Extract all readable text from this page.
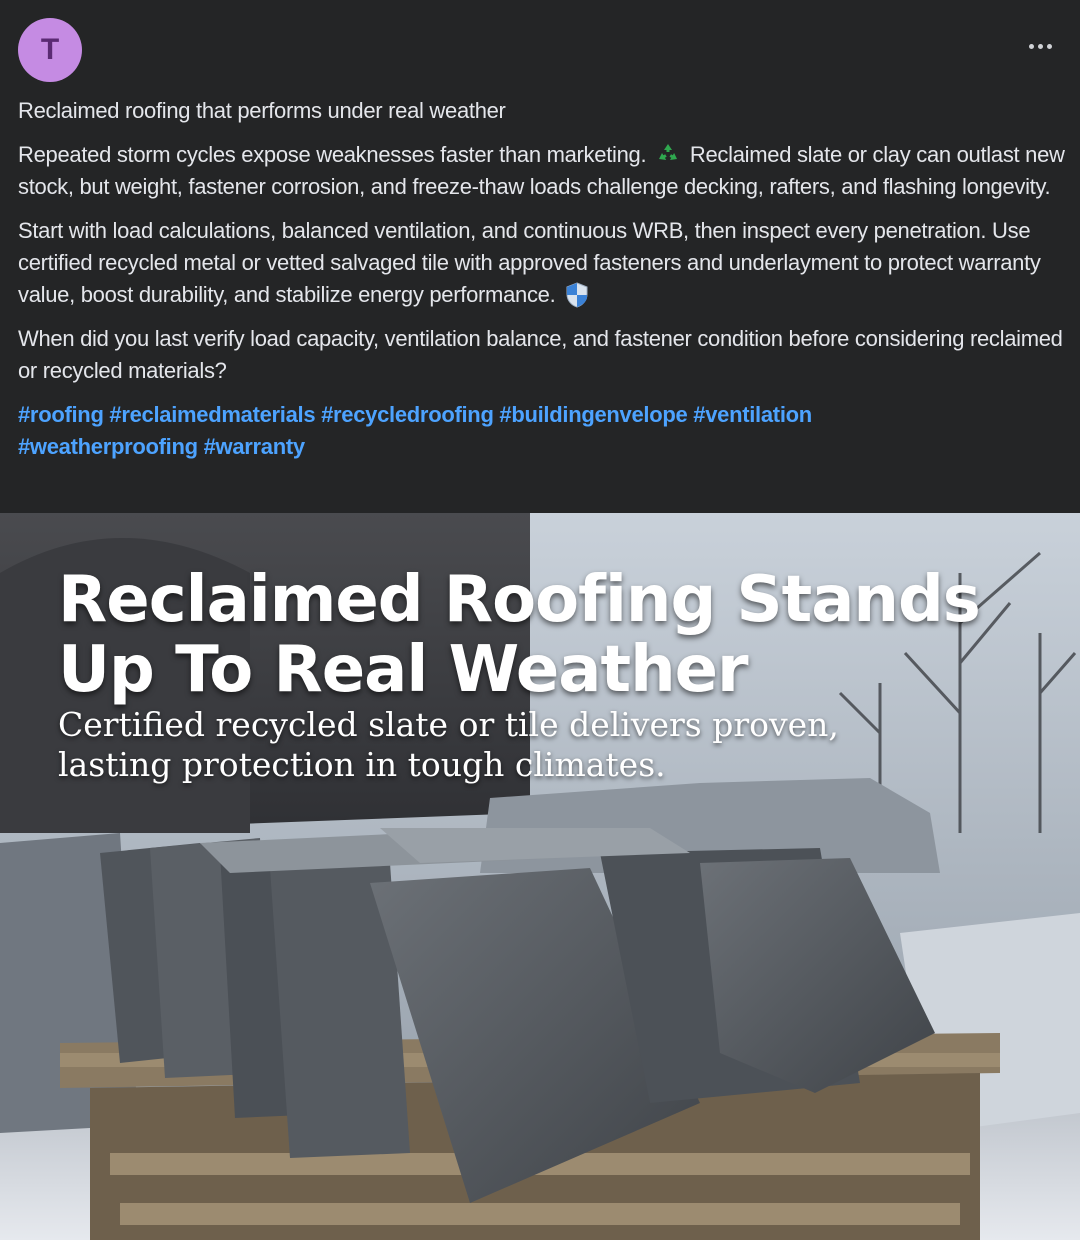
T

Reclaimed roofing that performs under real weather

Repeated storm cycles expose weaknesses faster than marketing. Reclaimed slate or clay can outlast new stock, but weight, fastener corrosion, and freeze-thaw loads challenge decking, rafters, and flashing longevity.

Start with load calculations, balanced ventilation, and continuous WRB, then inspect every penetration. Use certified recycled metal or vetted salvaged tile with approved fasteners and underlayment to protect warranty value, boost durability, and stabilize energy performance.

When did you last verify load capacity, ventilation balance, and fastener condition before considering reclaimed or recycled materials?

#roofing #reclaimedmaterials #recycledroofing #buildingenvelope #ventilation
#weatherproofing #warranty

Reclaimed Roofing Stands Up To Real Weather
Certified recycled slate or tile delivers proven, lasting protection in tough climates.
